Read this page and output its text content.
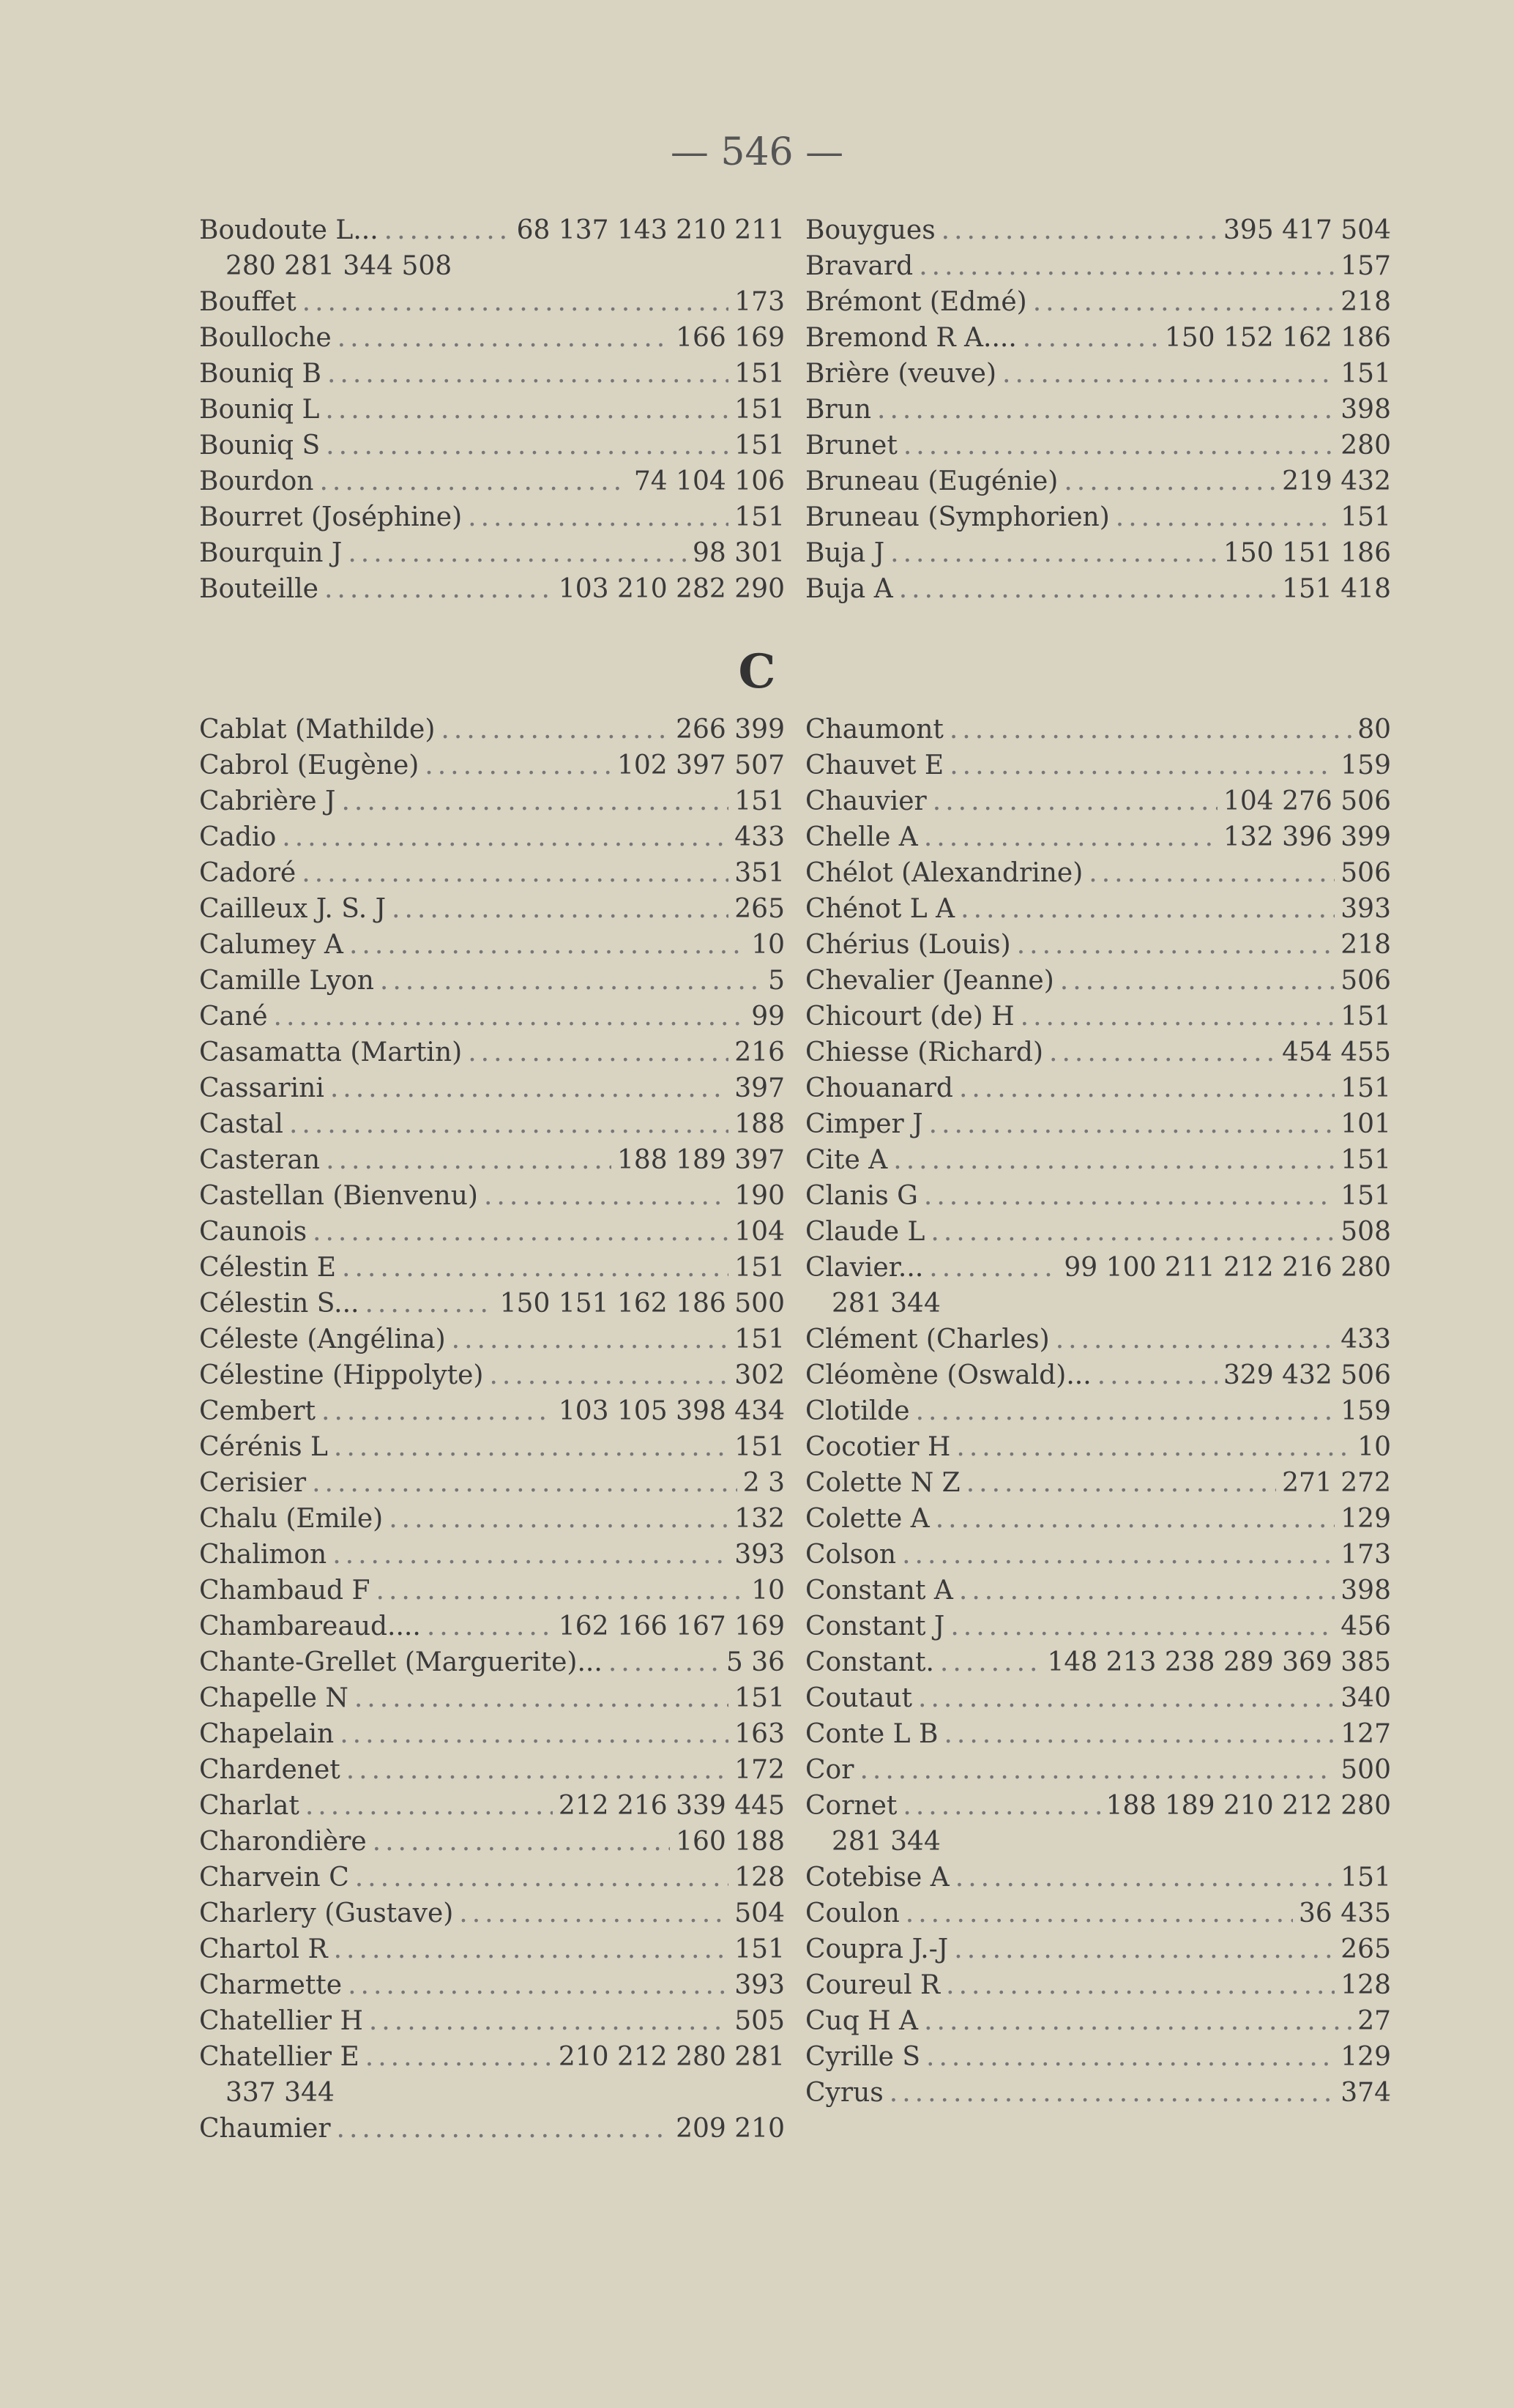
— 546 —
Boudoute L... .....	68 137 143 210 211
280 281 344 508
Bouffet .....	173
Boulloche .....	166 169
Bouniq B .....	151
Bouniq L .....	151
Bouniq S .....	151
Bourdon .....	74 104 106
Bourret (Joséphine) .....	151
Bourquin J .....	98 301
Bouteille .....	103 210 282 290
Bouygues .....	395 417 504
Bravard .....	157
Brémont (Edmé) .....	218
Bremond R A.... .....	150 152 162 186
Brière (veuve) .....	151
Brun .....	398
Brunet .....	280
Bruneau (Eugénie) .....	219 432
Bruneau (Symphorien) .....	151
Buja J .....	150 151 186
Buja A .....	151 418
C
Cablat (Mathilde) .....	266 399
Cabrol (Eugène) .....	102 397 507
Cabrière J .....	151
Cadio .....	433
Cadoré .....	351
Cailleux J. S. J .....	265
Calumey A .....	10
Camille Lyon .....	5
Cané .....	99
Casamatta (Martin) .....	216
Cassarini .....	397
Castal .....	188
Casteran .....	188 189 397
Castellan (Bienvenu) .....	190
Caunois .....	104
Célestin E .....	151
Célestin S... .....	150 151 162 186 500
Céleste (Angélina) .....	151
Célestine (Hippolyte) .....	302
Cembert .....	103 105 398 434
Cérénis L .....	151
Cerisier .....	2 3
Chalu (Emile) .....	132
Chalimon .....	393
Chambaud F .....	10
Chambareaud.... .....	162 166 167 169
Chante-Grellet (Marguerite)... .....	5 36
Chapelle N .....	151
Chapelain .....	163
Chardenet .....	172
Charlat .....	212 216 339 445
Charondière .....	160 188
Charvein C .....	128
Charlery (Gustave) .....	504
Chartol R .....	151
Charmette .....	393
Chatellier H .....	505
Chatellier E .....	210 212 280 281
337 344
Chaumier .....	209 210
Chaumont .....	80
Chauvet E .....	159
Chauvier .....	104 276 506
Chelle A .....	132 396 399
Chélot (Alexandrine) .....	506
Chénot L A .....	393
Chérius (Louis) .....	218
Chevalier (Jeanne) .....	506
Chicourt (de) H .....	151
Chiesse (Richard) .....	454 455
Chouanard .....	151
Cimper J .....	101
Cite A .....	151
Clanis G .....	151
Claude L .....	508
Clavier... .....	99 100 211 212 216 280
281 344
Clément (Charles) .....	433
Cléomène (Oswald)... .....	329 432 506
Clotilde .....	159
Cocotier H .....	10
Colette N Z .....	271 272
Colette A .....	129
Colson .....	173
Constant A .....	398
Constant J .....	456
Constant. .....	148 213 238 289 369 385
Coutaut .....	340
Conte L B .....	127
Cor .....	500
Cornet .....	188 189 210 212 280
281 344
Cotebise A .....	151
Coulon .....	36 435
Coupra J.-J .....	265
Coureul R .....	128
Cuq H A .....	27
Cyrille S .....	129
Cyrus .....	374
